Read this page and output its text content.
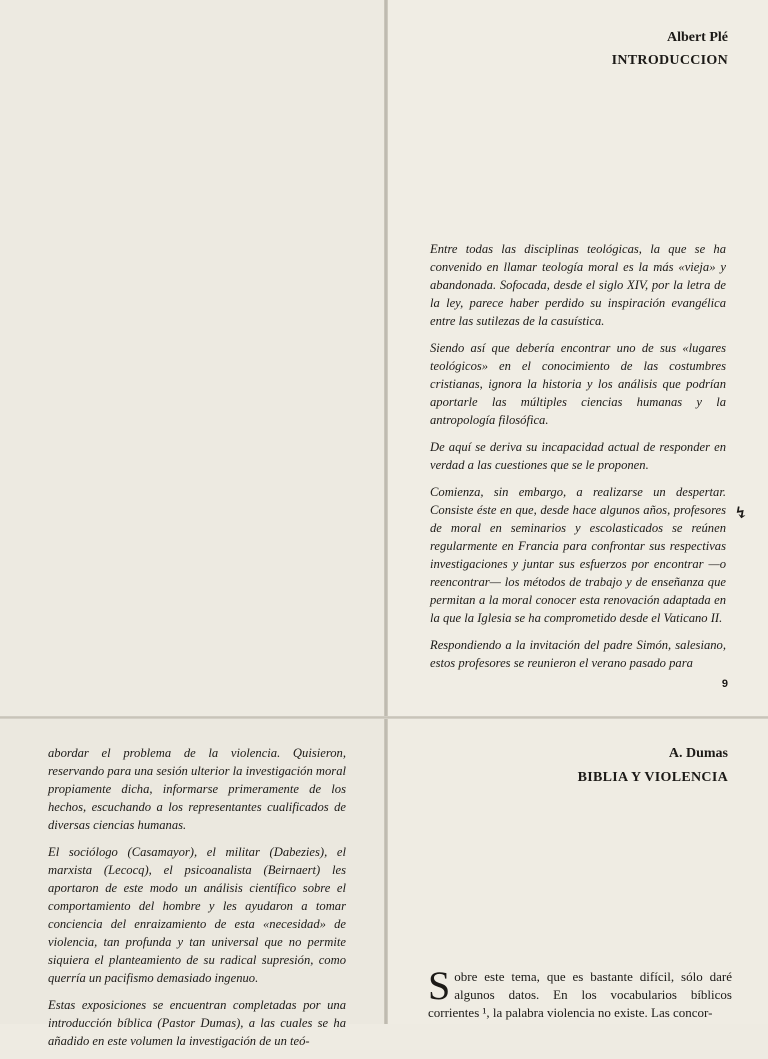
Albert Plé
INTRODUCCION

Entre todas las disciplinas teológicas, la que se ha convenido en llamar teología moral es la más «vieja» y abandonada. Sofocada, desde el siglo XIV, por la letra de la ley, parece haber perdido su inspiración evangélica entre las sutilezas de la casuística.

Siendo así que debería encontrar uno de sus «lugares teológicos» en el conocimiento de las costumbres cristianas, ignora la historia y los análisis que podrían aportarle las múltiples ciencias humanas y la antropología filosófica.

De aquí se deriva su incapacidad actual de responder en verdad a las cuestiones que se le proponen.

Comienza, sin embargo, a realizarse un despertar. Consiste éste en que, desde hace algunos años, profesores de moral en seminarios y escolasticados se reúnen regularmente en Francia para confrontar sus respectivas investigaciones y juntar sus esfuerzos por encontrar —o reencontrar— los métodos de trabajo y de enseñanza que permitan a la moral conocer esta renovación adaptada en la que la Iglesia se ha comprometido desde el Vaticano II.

Respondiendo a la invitación del padre Simón, salesiano, estos profesores se reunieron el verano pasado para

↯
9

abordar el problema de la violencia. Quisieron, reservando para una sesión ulterior la investigación moral propiamente dicha, informarse primeramente de los hechos, escuchando a los representantes cualificados de diversas ciencias humanas.

El sociólogo (Casamayor), el militar (Dabezies), el marxista (Lecocq), el psicoanalista (Beirnaert) les aportaron de este modo un análisis científico sobre el comportamiento del hombre y les ayudaron a tomar conciencia del enraizamiento de esta «necesidad» de violencia, tan profunda y tan universal que no permite siquiera el planteamiento de su radical supresión, como querría un pacifismo demasiado ingenuo.

Estas exposiciones se encuentran completadas por una introducción bíblica (Pastor Dumas), a las cuales se ha añadido en este volumen la investigación de un teó-

A. Dumas
BIBLIA Y VIOLENCIA
Sobre este tema, que es bastante difícil, sólo daré algunos datos. En los vocabularios bíblicos corrientes ¹, la palabra violencia no existe. Las concor-
